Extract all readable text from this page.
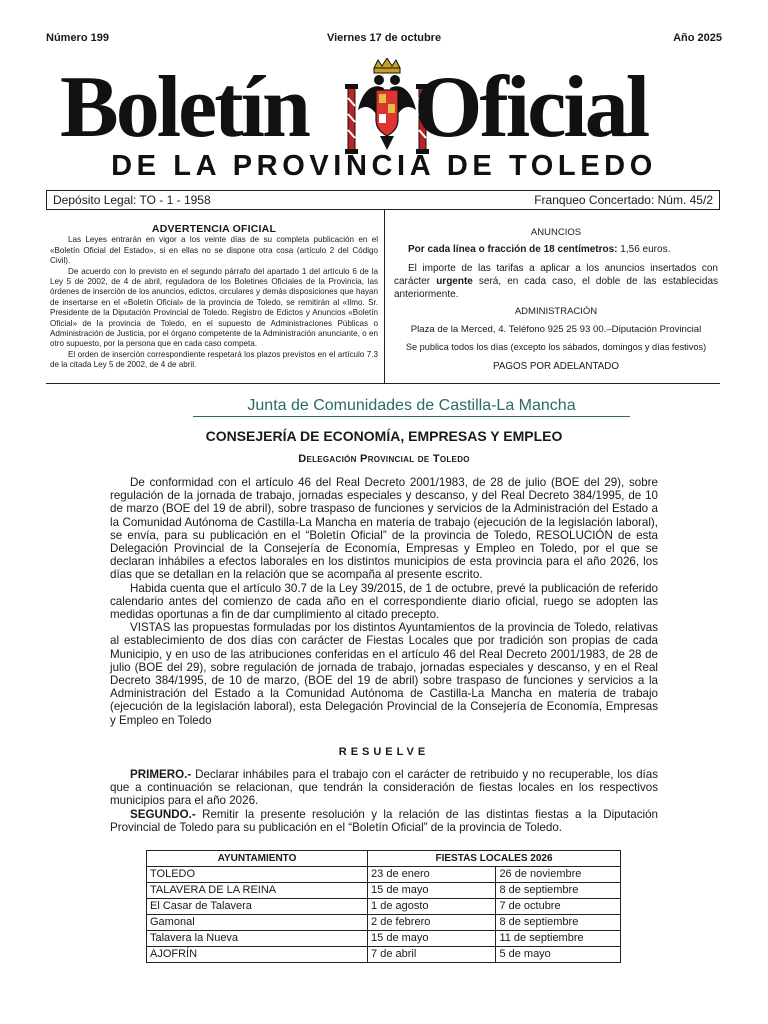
Número 199	Viernes 17 de octubre	Año 2025
Boletín Oficial
DE LA PROVINCIA DE TOLEDO
Depósito Legal: TO - 1 - 1958	Franqueo Concertado: Núm. 45/2
ADVERTENCIA OFICIAL

Las Leyes entrarán en vigor a los veinte días de su completa publicación en el «Boletín Oficial del Estado», si en ellas no se dispone otra cosa (artículo 2 del Código Civil).

De acuerdo con lo previsto en el segundo párrafo del apartado 1 del artículo 6 de la Ley 5 de 2002, de 4 de abril, reguladora de los Boletines Oficiales de la Provincia, las órdenes de inserción de los anuncios, edictos, circulares y demás disposiciones que hayan de insertarse en el «Boletín Oficial» de la provincia de Toledo, se remitirán al «Ilmo. Sr. Presidente de la Diputación Provincial de Toledo. Registro de Edictos y Anuncios «Boletín Oficial» de la provincia de Toledo, en el supuesto de Administraciones Públicas o Administración de Justicia, por el órgano competente de la Administración anunciante, o en otro supuesto, por la persona que en cada caso competa.

El orden de inserción correspondiente respetará los plazos previstos en el artículo 7.3 de la citada Ley 5 de 2002, de 4 de abril.

ANUNCIOS

Por cada línea o fracción de 18 centímetros: 1,56 euros.

El importe de las tarifas a aplicar a los anuncios insertados con carácter urgente será, en cada caso, el doble de las establecidas anteriormente.

ADMINISTRACIÓN

Plaza de la Merced, 4. Teléfono 925 25 93 00.–Diputación Provincial

Se publica todos los días (excepto los sábados, domingos y días festivos)

PAGOS POR ADELANTADO

Junta de Comunidades de Castilla-La Mancha
CONSEJERÍA DE ECONOMÍA, EMPRESAS Y EMPLEO
Delegación Provincial de Toledo

De conformidad con el artículo 46 del Real Decreto 2001/1983, de 28 de julio (BOE del 29), sobre regulación de la jornada de trabajo, jornadas especiales y descanso, y del Real Decreto 384/1995, de 10 de marzo (BOE del 19 de abril), sobre traspaso de funciones y servicios de la Administración del Estado a la Comunidad Autónoma de Castilla-La Mancha en materia de trabajo (ejecución de la legislación laboral), se envía, para su publicación en el “Boletín Oficial” de la provincia de Toledo, RESOLUCIÓN de esta Delegación Provincial de la Consejería de Economía, Empresas y Empleo en Toledo, por el que se declaran inhábiles a efectos laborales en los distintos municipios de esta provincia para el año 2026, los días que se detallan en la relación que se acompaña al presente escrito.

Habida cuenta que el artículo 30.7 de la Ley 39/2015, de 1 de octubre, prevé la publicación de referido calendario antes del comienzo de cada año en el correspondiente diario oficial, ruego se adopten las medidas oportunas a fin de dar cumplimiento al citado precepto.

VISTAS las propuestas formuladas por los distintos Ayuntamientos de la provincia de Toledo, relativas al establecimiento de dos días con carácter de Fiestas Locales que por tradición son propias de cada Municipio, y en uso de las atribuciones conferidas en el artículo 46 del Real Decreto 2001/1983, de 28 de julio (BOE del 29), sobre regulación de jornada de trabajo, jornadas especiales y descanso, y en el Real Decreto 384/1995, de 10 de marzo, (BOE del 19 de abril) sobre traspaso de funciones y servicios a la Administración del Estado a la Comunidad Autónoma de Castilla-La Mancha en materia de trabajo (ejecución de la legislación laboral), esta Delegación Provincial de la Consejería de Economía, Empresas y Empleo en Toledo

RESUELVE

PRIMERO.- Declarar inhábiles para el trabajo con el carácter de retribuido y no recuperable, los días que a continuación se relacionan, que tendrán la consideración de fiestas locales en los respectivos municipios para el año 2026.

SEGUNDO.- Remitir la presente resolución y la relación de las distintas fiestas a la Diputación Provincial de Toledo para su publicación en el “Boletín Oficial” de la provincia de Toledo.

AYUNTAMIENTO	FIESTAS LOCALES 2026	
TOLEDO	23 de enero	26 de noviembre
TALAVERA DE LA REINA	15 de mayo	8 de septiembre
El Casar de Talavera	1 de agosto	7 de octubre
Gamonal	2 de febrero	8 de septiembre
Talavera la Nueva	15 de mayo	11 de septiembre
AJOFRÍN	7 de abril	5 de mayo
